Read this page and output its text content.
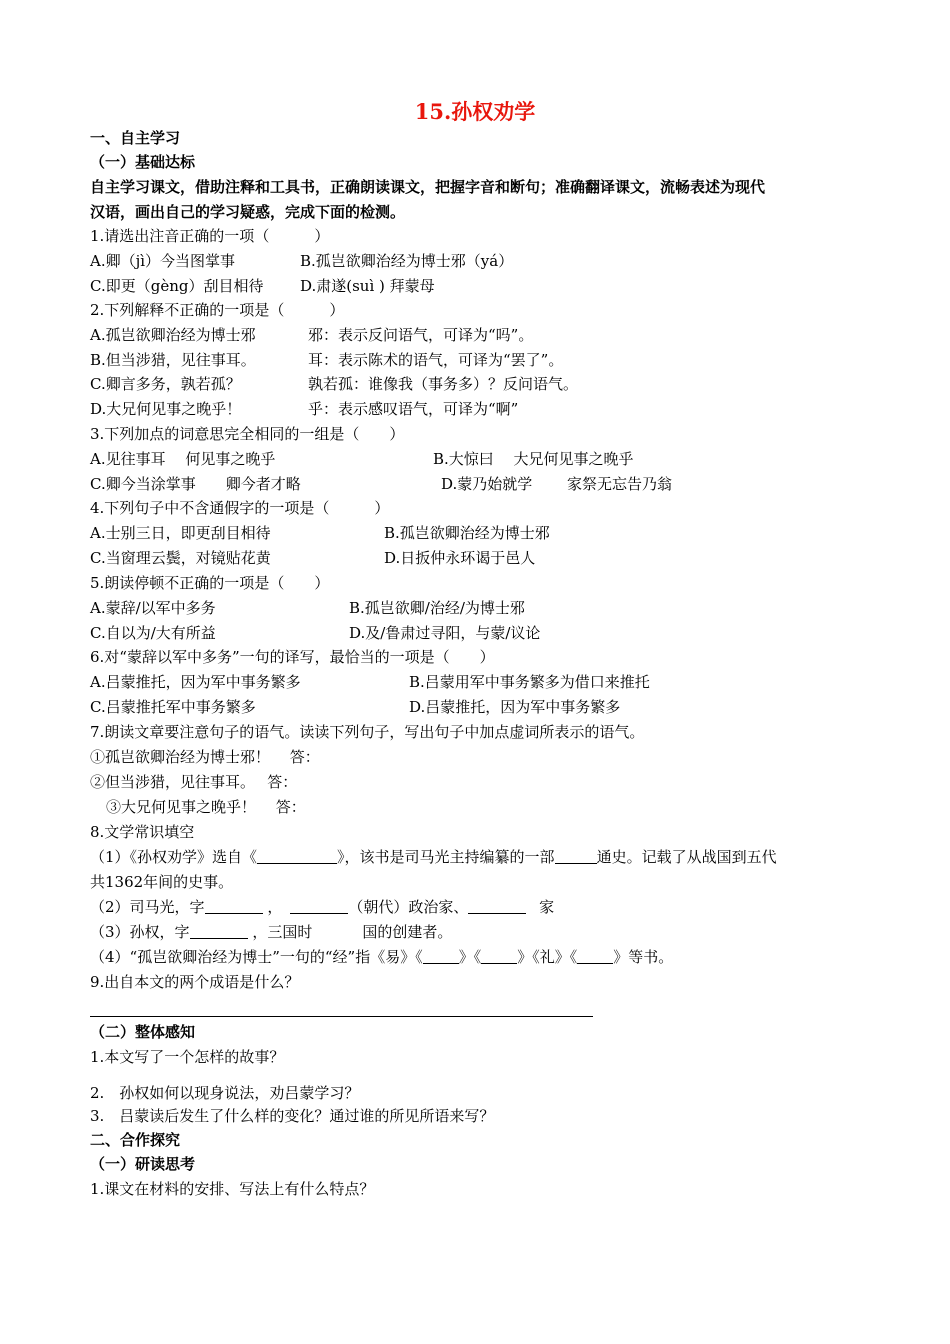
15.孙权劝学
一、自主学习
（一）基础达标
自主学习课文，借助注释和工具书，正确朗读课文，把握字音和断句；准确翻译课文，流畅表述为现代
汉语，画出自己的学习疑惑，完成下面的检测。
1.请选出注音正确的一项（　　　）
A.卿（jì）今当图掌事	B.孤岂欲卿治经为博士邪（yá）
C.即更（gèng）刮目相待 D.肃遂(suì ) 拜蒙母
2.下列解释不正确的一项是（　　　）
A.孤岂欲卿治经为博士邪	邪：表示反问语气，可译为“吗”。
B.但当涉猎，见往事耳。	耳：表示陈术的语气，可译为“罢了”。
C.卿言多务，孰若孤？	孰若孤：谁像我（事务多）？反问语气。
D.大兄何见事之晚乎！	乎：表示感叹语气，可译为“啊”
3.下列加点的词意思完全相同的一组是（　　）
A.见往事耳　 何见事之晚乎	B.大惊曰　 大兄何见事之晚乎
C.卿今当涂掌事　　卿今者才略	D.蒙乃始就学　　 家祭无忘告乃翁
4.下列句子中不含通假字的一项是（　　　）
A.士别三日，即更刮目相待	B.孤岂欲卿治经为博士邪
C.当窗理云鬓，对镜贴花黄	D.日扳仲永环谒于邑人
5.朗读停顿不正确的一项是（　　）
A.蒙辞/以军中多务	B.孤岂欲卿/治经/为博士邪
C.自以为/大有所益	D.及/鲁肃过寻阳，与蒙/议论
6.对“蒙辞以军中多务”一句的译写，最恰当的一项是（　　）
A.吕蒙推托，因为军中事务繁多	B.吕蒙用军中事务繁多为借口来推托
C.吕蒙推托军中事务繁多	D.吕蒙推托，因为军中事务繁多
7.朗读文章要注意句子的语气。读读下列句子，写出句子中加点虚词所表示的语气。
①孤岂欲卿治经为博士邪！　 答：
②但当涉猎，见往事耳。　 答：
③大兄何见事之晚乎！　 答：
8.文学常识填空
（1）《孙权劝学》选自《	》，该书是司马光主持编纂的一部	通史。记载了从战国到五代
共1362年间的史事。
（2）司马光，字	，	（朝代）政治家、	家
（3）孙权，字	，三国时	国的创建者。
（4）“孤岂欲卿治经为博士”一句的“经”指《易》《 》《 》《礼》《 》等书。
9.出自本文的两个成语是什么？
（二）整体感知
1.本文写了一个怎样的故事？
2.　孙权如何以现身说法，劝吕蒙学习？
3.　吕蒙读后发生了什么样的变化？通过谁的所见所语来写？
二、合作探究
（一）研读思考
1.课文在材料的安排、写法上有什么特点？
